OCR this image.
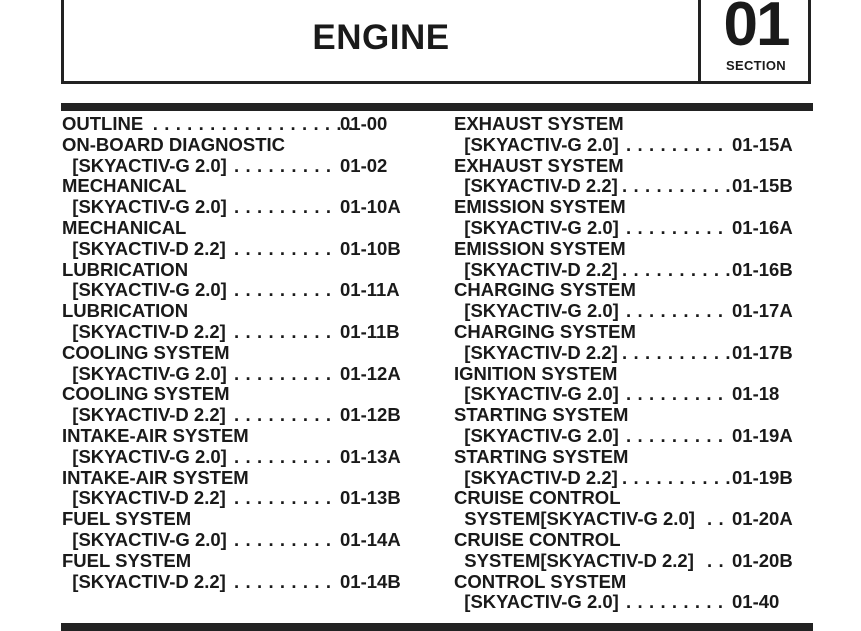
ENGINE	01
SECTION
OUTLINE . . . . . . . . . . . . . . . . . .
01-00
ON-BOARD DIAGNOSTIC
[SKYACTIV-G 2.0] . . . . . . . . . 01-02
MECHANICAL
[SKYACTIV-G 2.0] . . . . . . . . . 01-10A
MECHANICAL
[SKYACTIV-D 2.2] . . . . . . . . . 01-10B
LUBRICATION
[SKYACTIV-G 2.0] . . . . . . . . . 01-11A
LUBRICATION
[SKYACTIV-D 2.2] . . . . . . . . . 01-11B
COOLING SYSTEM
[SKYACTIV-G 2.0] . . . . . . . . . 01-12A
COOLING SYSTEM
[SKYACTIV-D 2.2] . . . . . . . . . 01-12B
INTAKE-AIR SYSTEM
[SKYACTIV-G 2.0] . . . . . . . . . 01-13A
INTAKE-AIR SYSTEM
[SKYACTIV-D 2.2] . . . . . . . . . 01-13B
FUEL SYSTEM
[SKYACTIV-G 2.0] . . . . . . . . . 01-14A
FUEL SYSTEM
[SKYACTIV-D 2.2] . . . . . . . . . 01-14B
EXHAUST SYSTEM
[SKYACTIV-G 2.0] . . . . . . . . . 01-15A
EXHAUST SYSTEM
[SKYACTIV-D 2.2] . . . . . . . . . . 01-15B
EMISSION SYSTEM
[SKYACTIV-G 2.0] . . . . . . . . . 01-16A
EMISSION SYSTEM
[SKYACTIV-D 2.2] . . . . . . . . . . 01-16B
CHARGING SYSTEM
[SKYACTIV-G 2.0] . . . . . . . . . 01-17A
CHARGING SYSTEM
[SKYACTIV-D 2.2] . . . . . . . . . . 01-17B
IGNITION SYSTEM
[SKYACTIV-G 2.0] . . . . . . . . . 01-18
STARTING SYSTEM
[SKYACTIV-G 2.0] . . . . . . . . . 01-19A
STARTING SYSTEM
[SKYACTIV-D 2.2] . . . . . . . . . . 01-19B
CRUISE CONTROL
SYSTEM[SKYACTIV-G 2.0] . . 01-20A
CRUISE CONTROL
SYSTEM[SKYACTIV-D 2.2] . . 01-20B
CONTROL SYSTEM
[SKYACTIV-G 2.0] . . . . . . . . . 01-40
